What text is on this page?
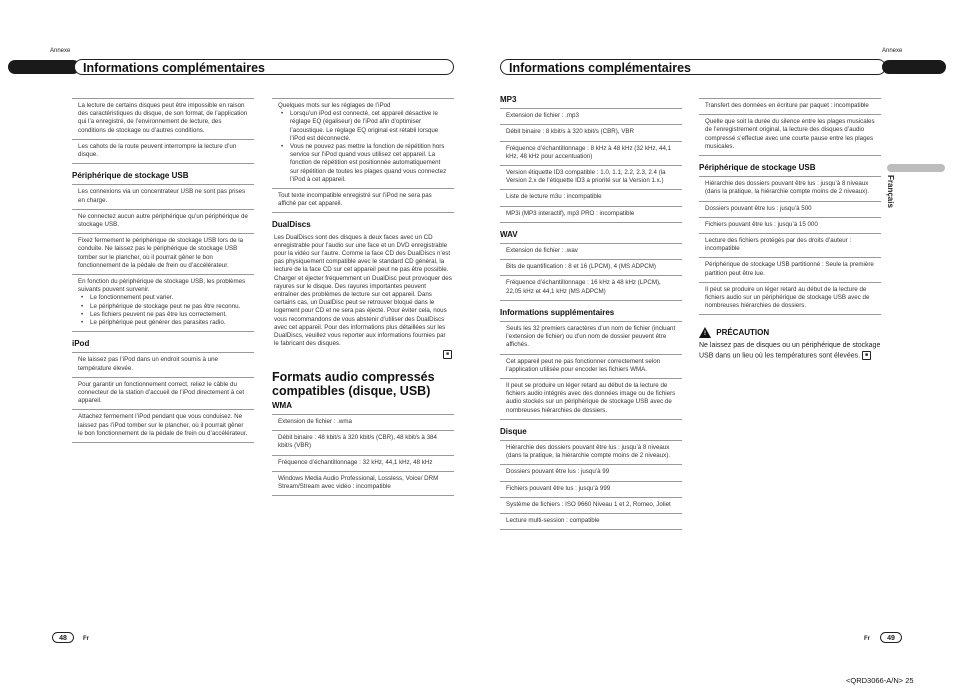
Annexe	Annexe
Informations complémentaires	Informations complémentaires

La lecture de certains disques peut être impossible en raison des caractéristiques du disque, de son format, de l’application qui l’a enregistré, de l’environnement de lecture, des conditions de stockage ou d’autres conditions.

Les cahots de la route peuvent interrompre la lecture d’un disque.

Périphérique de stockage USB

Les connexions via un concentrateur USB ne sont pas prises en charge.

Ne connectez aucun autre périphérique qu’un périphérique de stockage USB.

Fixez fermement le périphérique de stockage USB lors de la conduite. Ne laissez pas le périphérique de stockage USB tomber sur le plancher, où il pourrait gêner le bon fonctionnement de la pédale de frein ou d’accélérateur.

En fonction du périphérique de stockage USB, les problèmes suivants pouvent survenir.

• Le fonctionnement peut varier.

• Le périphérique de stockage peut ne pas être reconnu.

• Les fichiers peuvent ne pas être lus correctement.

• Le périphérique peut générer des parasites radio.

iPod

Ne laissez pas l’iPod dans un endroit soumis à une température élevée.

Pour garantir un fonctionnement correct, reliez le câble du connecteur de la station d’accueil de l’iPod directement à cet appareil.

Attachez fermement l’iPod pendant que vous conduisez. Ne laissez pas l’iPod tomber sur le plancher, où il pourrait gêner le bon fonctionnement de la pédale de frein ou d’accélérateur.

Quelques mots sur les réglages de l’iPod

• Lorsqu’un iPod est connecté, cet appareil désactive le réglage EQ (égaliseur) de l’iPod afin d’optimiser l’acoustique. Le réglage EQ original est rétabli lorsque l’iPod est déconnecté.

• Vous ne pouvez pas mettre la fonction de répétition hors service sur l’iPod quand vous utilisez cet appareil. La fonction de répétition est positionnée automatiquement sur répétition de toutes les plages quand vous connectez l’iPod à cet appareil.

Tout texte incompatible enregistré sur l’iPod ne sera pas affiché par cet appareil.

DualDiscs

Les DualDiscs sont des disques à deux faces avec un CD enregistrable pour l’audio sur une face et un DVD enregistrable pour la vidéo sur l’autre. Comme la face CD des DualDiscs n’est pas physiquement compatible avec le standard CD général, la lecture de la face CD sur cet appareil peut ne pas être possible. Charger et éjecter fréquemment un DualDisc peut provoquer des rayures sur le disque. Des rayures importantes peuvent entraîner des problèmes de lecture sur cet appareil. Dans certains cas, un DualDisc peut se retrouver bloqué dans le logement pour CD et ne sera pas éjecté. Pour éviter cela, nous vous recommandons de vous abstenir d’utiliser des DualDiscs avec cet appareil. Pour des informations plus détaillées sur les DualDiscs, veuillez vous reporter aux informations fournies par le fabricant des disques.

■

Formats audio compressés compatibles (disque, USB)
WMA

Extension de fichier : .wma

Débit binaire : 48 kbit/s à 320 kbit/s (CBR), 48 kbit/s à 384 kbit/s (VBR)

Fréquence d’échantillonnage : 32 kHz, 44,1 kHz, 48 kHz

Windows Media Audio Professional, Lossless, Voice/ DRM Stream/Stream avec vidéo : incompatible

MP3

Extension de fichier : .mp3

Débit binaire : 8 kbit/s à 320 kbit/s (CBR), VBR

Fréquence d’échantillonnage : 8 kHz à 48 kHz (32 kHz, 44,1 kHz, 48 kHz pour accentuation)

Version étiquette ID3 compatible : 1.0, 1.1, 2.2, 2.3, 2.4 (la Version 2.x de l’étiquette ID3 a priorité sur la Version 1.x.)

Liste de lecture m3u : incompatible

MP3i (MP3 interactif), mp3 PRO : incompatible

WAV

Extension de fichier : .wav

Bits de quantification : 8 et 16 (LPCM), 4 (MS ADPCM)

Fréquence d’échantillonnage : 16 kHz à 48 kHz (LPCM), 22,05 kHz et 44,1 kHz (MS ADPCM)

Informations supplémentaires

Seuls les 32 premiers caractères d’un nom de fichier (incluant l’extension de fichier) ou d’un nom de dossier peuvent être affichés.

Cet appareil peut ne pas fonctionner correctement selon l’application utilisée pour encoder les fichiers WMA.

Il peut se produire un léger retard au début de la lecture de fichiers audio intégrés avec des données image ou de fichiers audio stockés sur un périphérique de stockage USB avec de nombreuses hiérarchies de dossiers.

Disque

Hiérarchie des dossiers pouvant être lus : jusqu’à 8 niveaux (dans la pratique, la hiérarchie compte moins de 2 niveaux).

Dossiers pouvant être lus : jusqu’à 99

Fichiers pouvant être lus : jusqu’à 999

Système de fichiers : ISO 9660 Niveau 1 et 2, Romeo, Joliet

Lecture multi-session : compatible

Transfert des données en écriture par paquet : incompatible

Quelle que soit la durée du silence entre les plages musicales de l’enregistrement original, la lecture des disques d’audio compressé s’effectue avec une courte pause entre les plages musicales.

Périphérique de stockage USB

Hiérarchie des dossiers pouvant être lus : jusqu’à 8 niveaux (dans la pratique, la hiérarchie compte moins de 2 niveaux).

Dossiers pouvant être lus : jusqu’à 500

Fichiers pouvant être lus : jusqu’à 15 000

Lecture des fichiers protégés par des droits d’auteur : incompatible

Périphérique de stockage USB partitionné : Seule la première partition peut être lue.

Il peut se produire un léger retard au début de la lecture de fichiers audio sur un périphérique de stockage USB avec de nombreuses hiérarchies de dossiers.

! PRÉCAUTION

Ne laissez pas de disques ou un périphérique de stockage USB dans un lieu où les températures sont élevées. ■

Français
48	Fr	Fr	49
<QRD3066-A/N> 25
